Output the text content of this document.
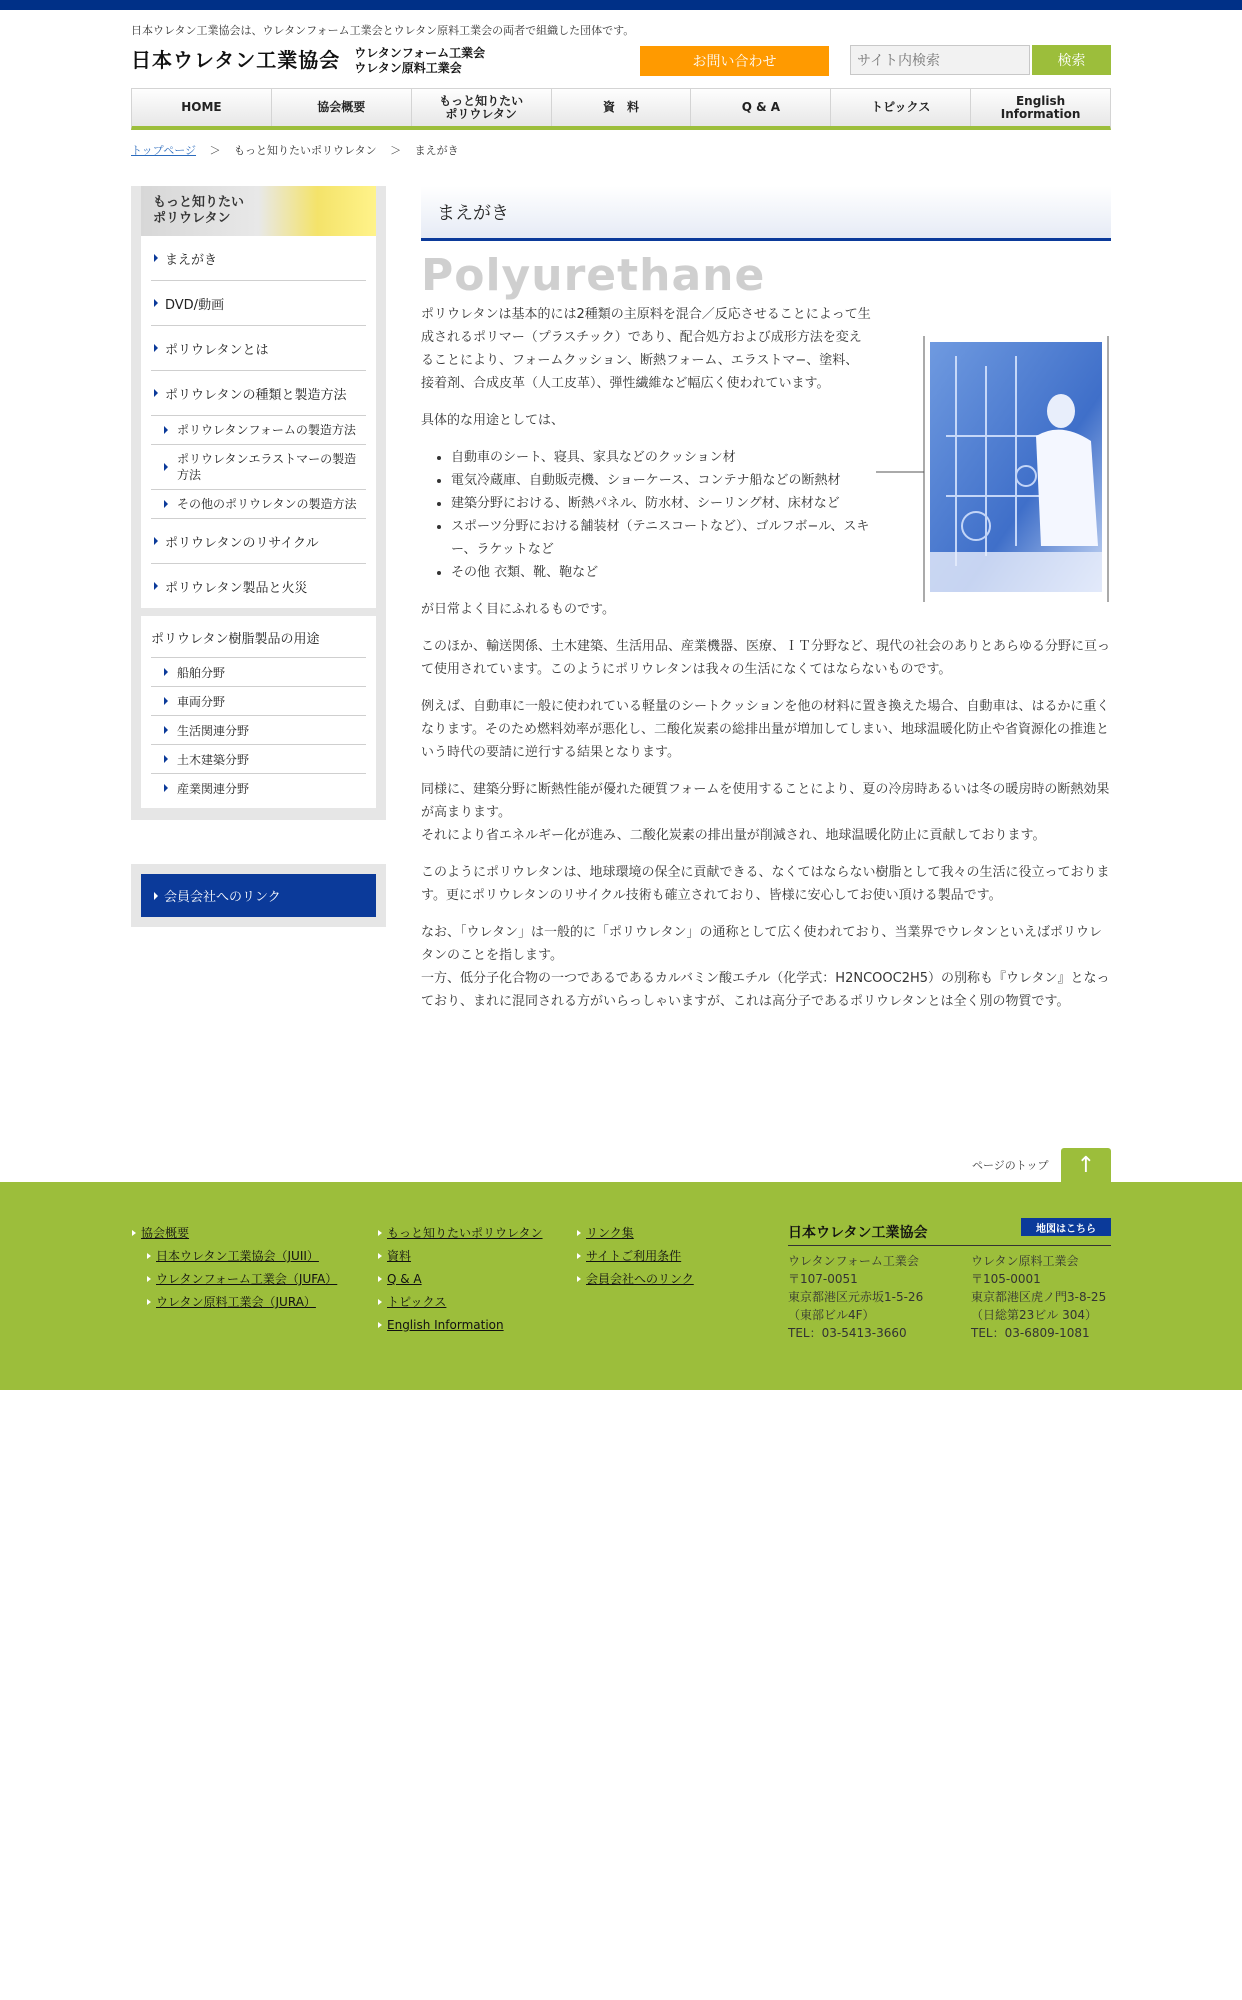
日本ウレタン工業協会は、ウレタンフォーム工業会とウレタン原料工業会の両者で組織した団体です。
日本ウレタン工業協会 ウレタンフォーム工業会
ウレタン原料工業会	お問い合わせ
サイト内検索	検索
HOME	協会概要	もっと知りたい
ポリウレタン	資　料	Q & A	トピックス	English
Information
トップページ ＞ もっと知りたいポリウレタン ＞ まえがき
もっと知りたい
ポリウレタン
まえがき
DVD/動画
ポリウレタンとは
ポリウレタンの種類と製造方法
ポリウレタンフォームの製造方法
ポリウレタンエラストマーの製造方法
その他のポリウレタンの製造方法
ポリウレタンのリサイクル
ポリウレタン製品と火災
ポリウレタン樹脂製品の用途
船舶分野
車両分野
生活関連分野
土木建築分野
産業関連分野
会員会社へのリンク
まえがき
Polyurethane

ポリウレタンは基本的には2種類の主原料を混合／反応させることによって生成されるポリマー（プラスチック）であり、配合処方および成形方法を変えることにより、フォームクッション、断熱フォーム、エラストマ−、塗料、接着剤、合成皮革（人工皮革）、弾性繊維など幅広く使われています。

具体的な用途としては、

• 自動車のシート、寝具、家具などのクッション材
• 電気冷蔵庫、自動販売機、ショーケース、コンテナ船などの断熱材
• 建築分野における、断熱パネル、防水材、シーリング材、床材など
• スポーツ分野における舗装材（テニスコートなど）、ゴルフボ−ル、スキー、ラケットなど
• その他 衣類、靴、鞄など

が日常よく目にふれるものです。

このほか、輸送関係、土木建築、生活用品、産業機器、医療、ＩＴ分野など、現代の社会のありとあらゆる分野に亘って使用されています。このようにポリウレタンは我々の生活になくてはならないものです。

例えば、自動車に一般に使われている軽量のシートクッションを他の材料に置き換えた場合、自動車は、はるかに重くなります。そのため燃料効率が悪化し、二酸化炭素の総排出量が増加してしまい、地球温暖化防止や省資源化の推進という時代の要請に逆行する結果となります。

同様に、建築分野に断熱性能が優れた硬質フォームを使用することにより、夏の冷房時あるいは冬の暖房時の断熱効果が高まります。
それにより省エネルギー化が進み、二酸化炭素の排出量が削減され、地球温暖化防止に貢献しております。

このようにポリウレタンは、地球環境の保全に貢献できる、なくてはならない樹脂として我々の生活に役立っております。更にポリウレタンのリサイクル技術も確立されており、皆様に安心してお使い頂ける製品です。

なお、「ウレタン」は一般的に「ポリウレタン」の通称として広く使われており、当業界でウレタンといえばポリウレタンのことを指します。
一方、低分子化合物の一つであるであるカルバミン酸エチル（化学式：H2NCOOC2H5）の別称も『ウレタン』となっており、まれに混同される方がいらっしゃいますが、これは高分子であるポリウレタンとは全く別の物質です。

ページのトップ	↑
協会概要
日本ウレタン工業協会（JUII）
ウレタンフォーム工業会（JUFA）
ウレタン原料工業会（JURA）
もっと知りたいポリウレタン
資料
Q & A
トピックス
English Information
リンク集
サイトご利用条件
会員会社へのリンク
日本ウレタン工業協会	地図はこちら
ウレタンフォーム工業会
〒107-0051
東京都港区元赤坂1-5-26
（東部ビル4F）
TEL：03-5413-3660
ウレタン原料工業会
〒105-0001
東京都港区虎ノ門3-8-25
（日総第23ビル 304）
TEL：03-6809-1081
